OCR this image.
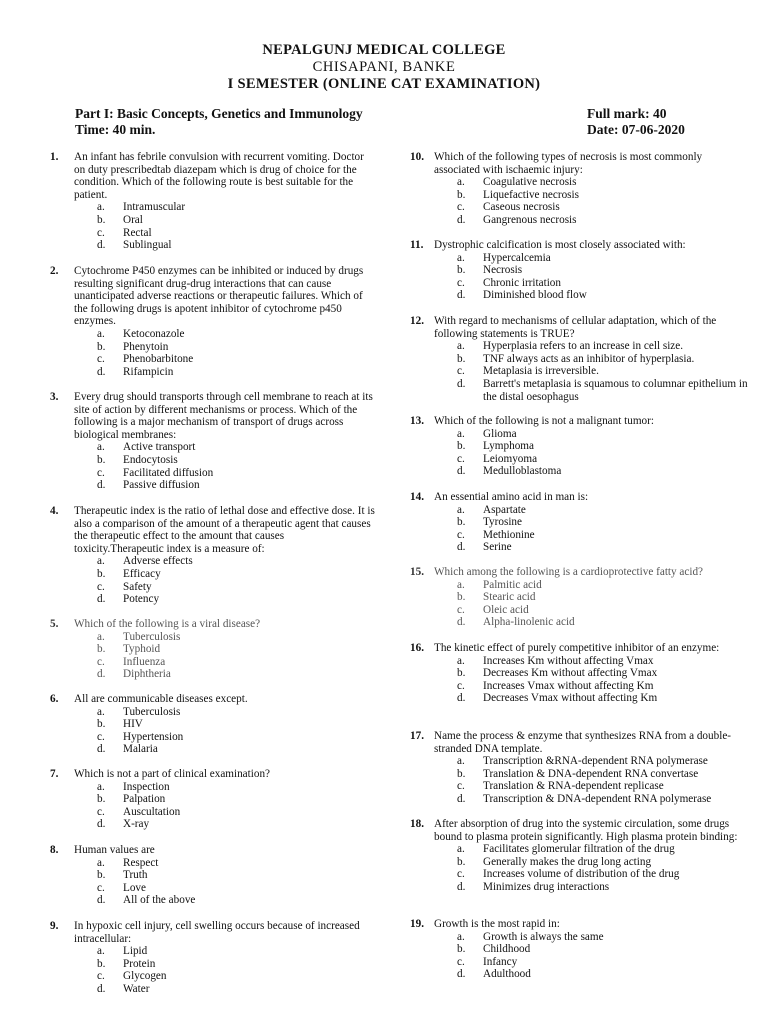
NEPALGUNJ MEDICAL COLLEGE
CHISAPANI, BANKE
I SEMESTER (ONLINE CAT EXAMINATION)
Part I: Basic Concepts, Genetics and Immunology
Time: 40 min.
Full mark: 40
Date: 07-06-2020
1.	An infant has febrile convulsion with recurrent vomiting. Doctor on duty prescribedtab diazepam which is drug of choice for the condition. Which of the following route is best suitable for the patient.
a.	Intramuscular
b.	Oral
c.	Rectal
d.	Sublingual
2.	Cytochrome P450 enzymes can be inhibited or induced by drugs resulting significant drug-drug interactions that can cause unanticipated adverse reactions or therapeutic failures. Which of the following drugs is apotent inhibitor of cytochrome p450 enzymes.
a.	Ketoconazole
b.	Phenytoin
c.	Phenobarbitone
d.	Rifampicin
3.	Every drug should transports through cell membrane to reach at its site of action by different mechanisms or process. Which of the following is a major mechanism of transport of drugs across biological membranes:
a.	Active transport
b.	Endocytosis
c.	Facilitated diffusion
d.	Passive diffusion
4.	Therapeutic index is the ratio of lethal dose and effective dose. It is also a comparison of the amount of a therapeutic agent that causes the therapeutic effect to the amount that causes toxicity.Therapeutic index is a measure of:
a.	Adverse effects
b.	Efficacy
c.	Safety
d.	Potency
5.	Which of the following is a viral disease?
a.	Tuberculosis
b.	Typhoid
c.	Influenza
d.	Diphtheria
6.	All are communicable diseases except.
a.	Tuberculosis
b.	HIV
c.	Hypertension
d.	Malaria
7.	Which is not a part of clinical examination?
a.	Inspection
b.	Palpation
c.	Auscultation
d.	X-ray
8.	Human values are
a.	Respect
b.	Truth
c.	Love
d.	All of the above
9.	In hypoxic cell injury, cell swelling occurs because of increased intracellular:
a.	Lipid
b.	Protein
c.	Glycogen
d.	Water
10. Which of the following types of necrosis is most commonly associated with ischaemic injury:
a.	Coagulative necrosis
b.	Liquefactive necrosis
c.	Caseous necrosis
d.	Gangrenous necrosis
11. Dystrophic calcification is most closely associated with:
a.	Hypercalcemia
b.	Necrosis
c.	Chronic irritation
d.	Diminished blood flow
12. With regard to mechanisms of cellular adaptation, which of the following statements is TRUE?
a.	Hyperplasia refers to an increase in cell size.
b.	TNF always acts as an inhibitor of hyperplasia.
c.	Metaplasia is irreversible.
d.	Barrett's metaplasia is squamous to columnar epithelium in the distal oesophagus
13. Which of the following is not a malignant tumor:
a.	Glioma
b.	Lymphoma
c.	Leiomyoma
d.	Medulloblastoma
14. An essential amino acid in man is:
a.	Aspartate
b.	Tyrosine
c.	Methionine
d.	Serine
15. Which among the following is a cardioprotective fatty acid?
a.	Palmitic acid
b.	Stearic acid
c.	Oleic acid
d.	Alpha-linolenic acid
16. The kinetic effect of purely competitive inhibitor of an enzyme:
a.	Increases Km without affecting Vmax
b.	Decreases Km without affecting Vmax
c.	Increases Vmax without affecting Km
d.	Decreases Vmax without affecting Km
17. Name the process & enzyme that synthesizes RNA from a double-stranded DNA template.
a.	Transcription &RNA-dependent RNA polymerase
b.	Translation & DNA-dependent RNA convertase
c.	Translation & RNA-dependent replicase
d.	Transcription & DNA-dependent RNA polymerase
18. After absorption of drug into the systemic circulation, some drugs bound to plasma protein significantly. High plasma protein binding:
a.	Facilitates glomerular filtration of the drug
b.	Generally makes the drug long acting
c.	Increases volume of distribution of the drug
d.	Minimizes drug interactions
19. Growth is the most rapid in:
a.	Growth is always the same
b.	Childhood
c.	Infancy
d.	Adulthood
